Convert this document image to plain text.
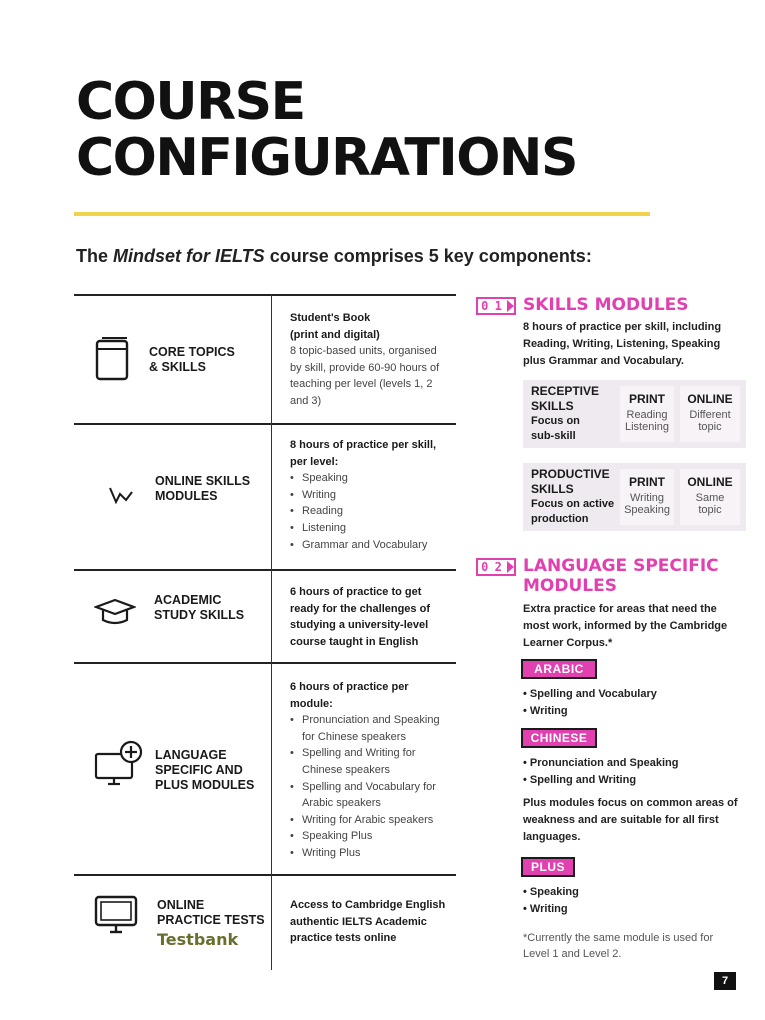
COURSE
CONFIGURATIONS
The Mindset for IELTS course comprises 5 key components:
CORE TOPICS
& SKILLS
Student's Book
(print and digital)
8 topic-based units, organised by skill, provide 60-90 hours of teaching per level (levels 1, 2 and 3)
ONLINE SKILLS
MODULES
8 hours of practice per skill, per level:
• Speaking
• Writing
• Reading
• Listening
• Grammar and Vocabulary
ACADEMIC
STUDY SKILLS
6 hours of practice to get ready for the challenges of studying a university-level course taught in English
LANGUAGE
SPECIFIC AND
PLUS MODULES
6 hours of practice per module:
• Pronunciation and Speaking for Chinese speakers
• Spelling and Writing for Chinese speakers
• Spelling and Vocabulary for Arabic speakers
• Writing for Arabic speakers
• Speaking Plus
• Writing Plus
ONLINE
PRACTICE TESTS
Testbank
Access to Cambridge English authentic IELTS Academic practice tests online
0 1 SKILLS MODULES
8 hours of practice per skill, including Reading, Writing, Listening, Speaking plus Grammar and Vocabulary.
RECEPTIVE
SKILLS
Focus on
sub-skill
PRINT
Reading
Listening
ONLINE
Different
topic
PRODUCTIVE
SKILLS
Focus on active
production
PRINT
Writing
Speaking
ONLINE
Same
topic
0 2 LANGUAGE SPECIFIC
MODULES
Extra practice for areas that need the most work, informed by the Cambridge Learner Corpus.*
ARABIC
• Spelling and Vocabulary
• Writing
CHINESE
• Pronunciation and Speaking
• Spelling and Writing
Plus modules focus on common areas of weakness and are suitable for all first languages.
PLUS
• Speaking
• Writing
*Currently the same module is used for Level 1 and Level 2.
7
